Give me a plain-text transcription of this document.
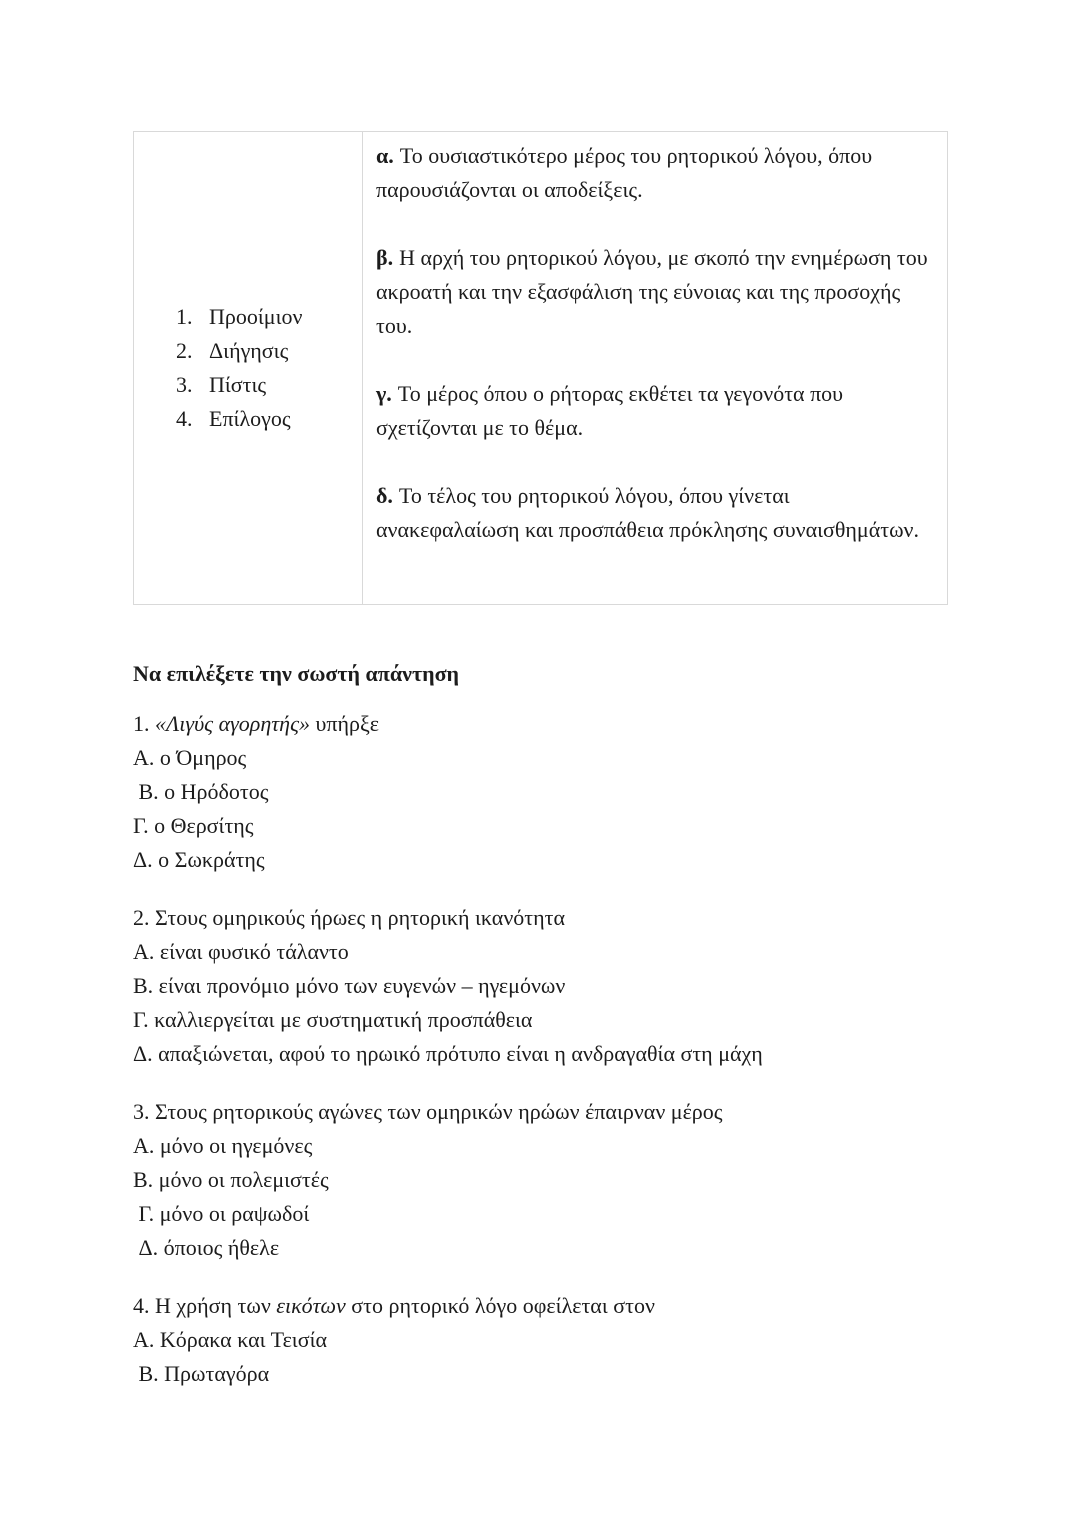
1. Προοίμιον
2. Διήγησις
3. Πίστις
4. Επίλογος

α. Το ουσιαστικότερο μέρος του ρητορικού λόγου, όπου παρουσιάζονται οι αποδείξεις.

β. Η αρχή του ρητορικού λόγου, με σκοπό την ενημέρωση του ακροατή και την εξασφάλιση της εύνοιας και της προσοχής του.

γ. Το μέρος όπου ο ρήτορας εκθέτει τα γεγονότα που σχετίζονται με το θέμα.

δ. Το τέλος του ρητορικού λόγου, όπου γίνεται ανακεφαλαίωση και προσπάθεια πρόκλησης συναισθημάτων.

Να επιλέξετε την σωστή απάντηση
1. «Λιγύς αγορητής» υπήρξε
Α. ο Όμηρος
Β. ο Ηρόδοτος
Γ. ο Θερσίτης
Δ. ο Σωκράτης
2. Στους ομηρικούς ήρωες η ρητορική ικανότητα
Α. είναι φυσικό τάλαντο
Β. είναι προνόμιο μόνο των ευγενών – ηγεμόνων
Γ. καλλιεργείται με συστηματική προσπάθεια
Δ. απαξιώνεται, αφού το ηρωικό πρότυπο είναι η ανδραγαθία στη μάχη
3. Στους ρητορικούς αγώνες των ομηρικών ηρώων έπαιρναν μέρος
Α. μόνο οι ηγεμόνες
Β. μόνο οι πολεμιστές
Γ. μόνο οι ραψωδοί
Δ. όποιος ήθελε
4. Η χρήση των εικότων στο ρητορικό λόγο οφείλεται στον
Α. Κόρακα και Τεισία
Β. Πρωταγόρα
